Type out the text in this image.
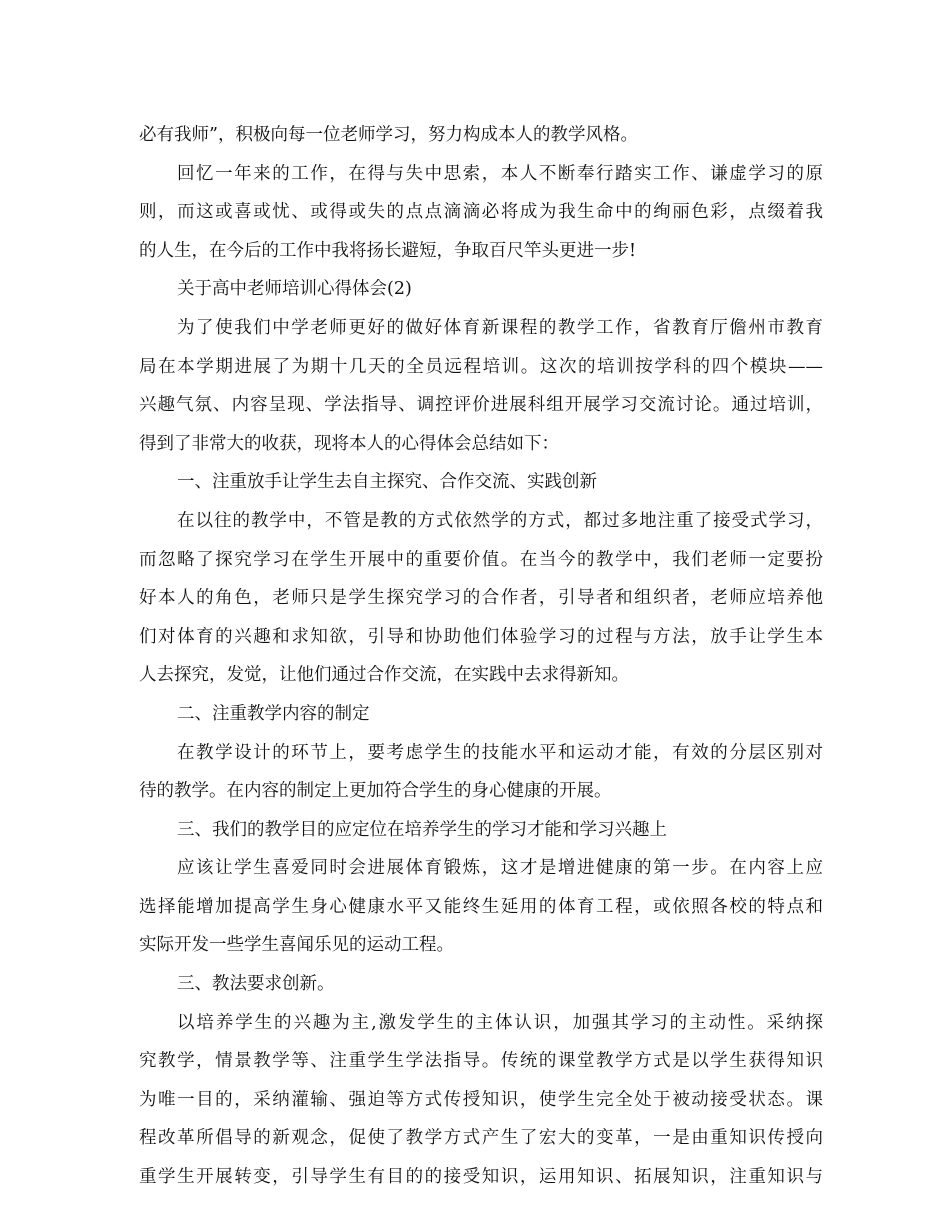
必有我师”，积极向每一位老师学习，努力构成本人的教学风格。
回忆一年来的工作，在得与失中思索，本人不断奉行踏实工作、谦虚学习的原
则，而这或喜或忧、或得或失的点点滴滴必将成为我生命中的绚丽色彩，点缀着我
的人生，在今后的工作中我将扬长避短，争取百尺竿头更进一步!
关于高中老师培训心得体会(2)
为了使我们中学老师更好的做好体育新课程的教学工作，省教育厅儋州市教育
局在本学期进展了为期十几天的全员远程培训。这次的培训按学科的四个模块——
兴趣气氛、内容呈现、学法指导、调控评价进展科组开展学习交流讨论。通过培训，
得到了非常大的收获，现将本人的心得体会总结如下：
一、注重放手让学生去自主探究、合作交流、实践创新
在以往的教学中，不管是教的方式依然学的方式，都过多地注重了接受式学习，
而忽略了探究学习在学生开展中的重要价值。在当今的教学中，我们老师一定要扮
好本人的角色，老师只是学生探究学习的合作者，引导者和组织者，老师应培养他
们对体育的兴趣和求知欲，引导和协助他们体验学习的过程与方法，放手让学生本
人去探究，发觉，让他们通过合作交流，在实践中去求得新知。
二、注重教学内容的制定
在教学设计的环节上，要考虑学生的技能水平和运动才能，有效的分层区别对
待的教学。在内容的制定上更加符合学生的身心健康的开展。
三、我们的教学目的应定位在培养学生的学习才能和学习兴趣上
应该让学生喜爱同时会进展体育锻炼，这才是增进健康的第一步。在内容上应
选择能增加提高学生身心健康水平又能终生延用的体育工程，或依照各校的特点和
实际开发一些学生喜闻乐见的运动工程。
三、教法要求创新。
以培养学生的兴趣为主,激发学生的主体认识，加强其学习的主动性。采纳探
究教学，情景教学等、注重学生学法指导。传统的课堂教学方式是以学生获得知识
为唯一目的，采纳灌输、强迫等方式传授知识，使学生完全处于被动接受状态。课
程改革所倡导的新观念，促使了教学方式产生了宏大的变革，一是由重知识传授向
重学生开展转变，引导学生有目的的接受知识，运用知识、拓展知识，注重知识与
